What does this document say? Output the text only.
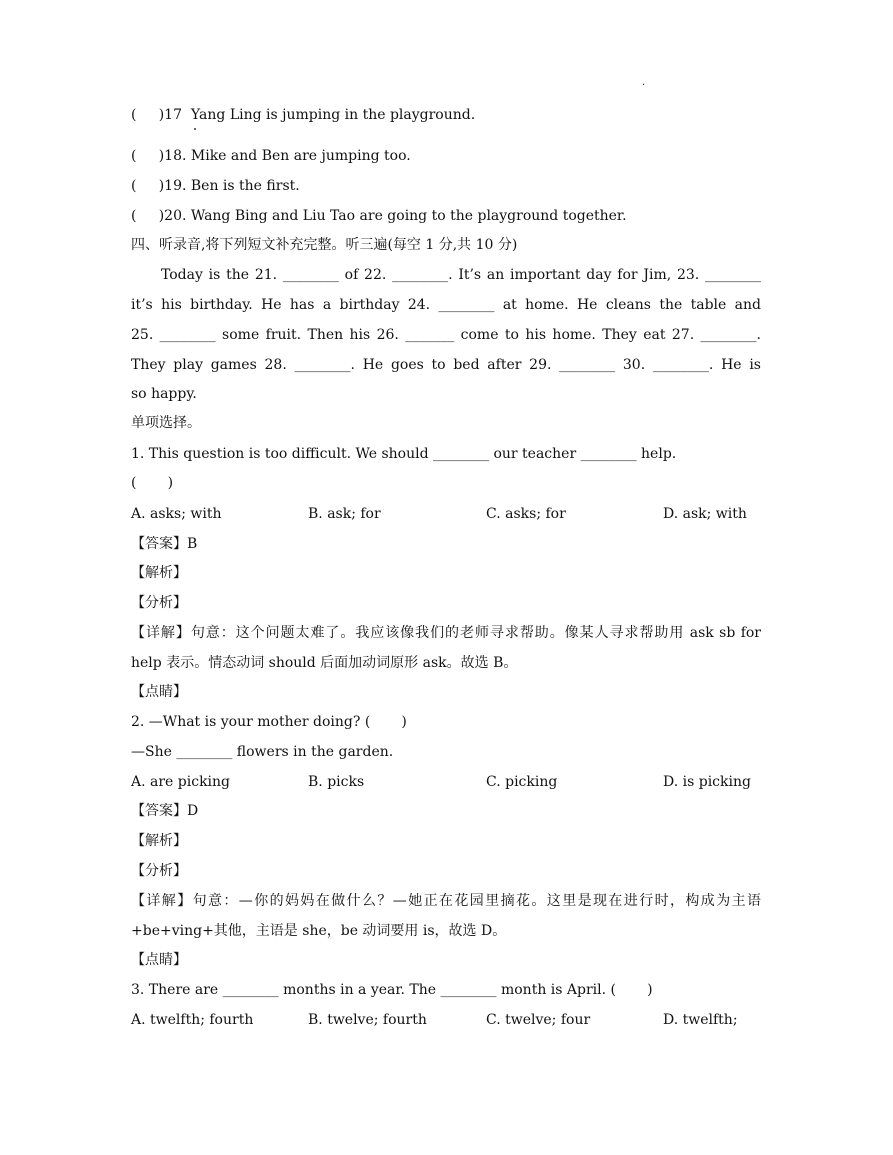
.
(     )17  Yang Ling is jumping in the playground.
(     )18. Mike and Ben are jumping too.
(     )19. Ben is the first.
(     )20. Wang Bing and Liu Tao are going to the playground together.
四、听录音,将下列短文补充完整。听三遍(每空 1 分,共 10 分)
Today is the 21. ________ of 22. ________. It’s an important day for Jim, 23. ________
it’s his birthday. He has a birthday 24. ________ at home. He cleans the table and
25. ________ some fruit. Then his 26. _______ come to his home. They eat 27. ________.
They play games 28. ________. He goes to bed after 29. ________ 30. ________. He is
so happy.
单项选择。
1. This question is too difficult. We should ________ our teacher ________ help.
(       )
A. asks; with	B. ask; for	C. asks; for	D. ask; with
【答案】B
【解析】
【分析】
【详解】句意：这个问题太难了。我应该像我们的老师寻求帮助。像某人寻求帮助用 ask sb for
help 表示。情态动词 should 后面加动词原形 ask。故选 B。
【点睛】
2. —What is your mother doing? (       )
—She ________ flowers in the garden.
A. are picking	B. picks	C. picking	D. is picking
【答案】D
【解析】
【分析】
【详解】句意：—你的妈妈在做什么？—她正在花园里摘花。这里是现在进行时，构成为主语
+be+ving+其他，主语是 she，be 动词要用 is，故选 D。
【点睛】
3. There are ________ months in a year. The ________ month is April. (       )
A. twelfth; fourth	B. twelve; fourth	C. twelve; four	D. twelfth;
